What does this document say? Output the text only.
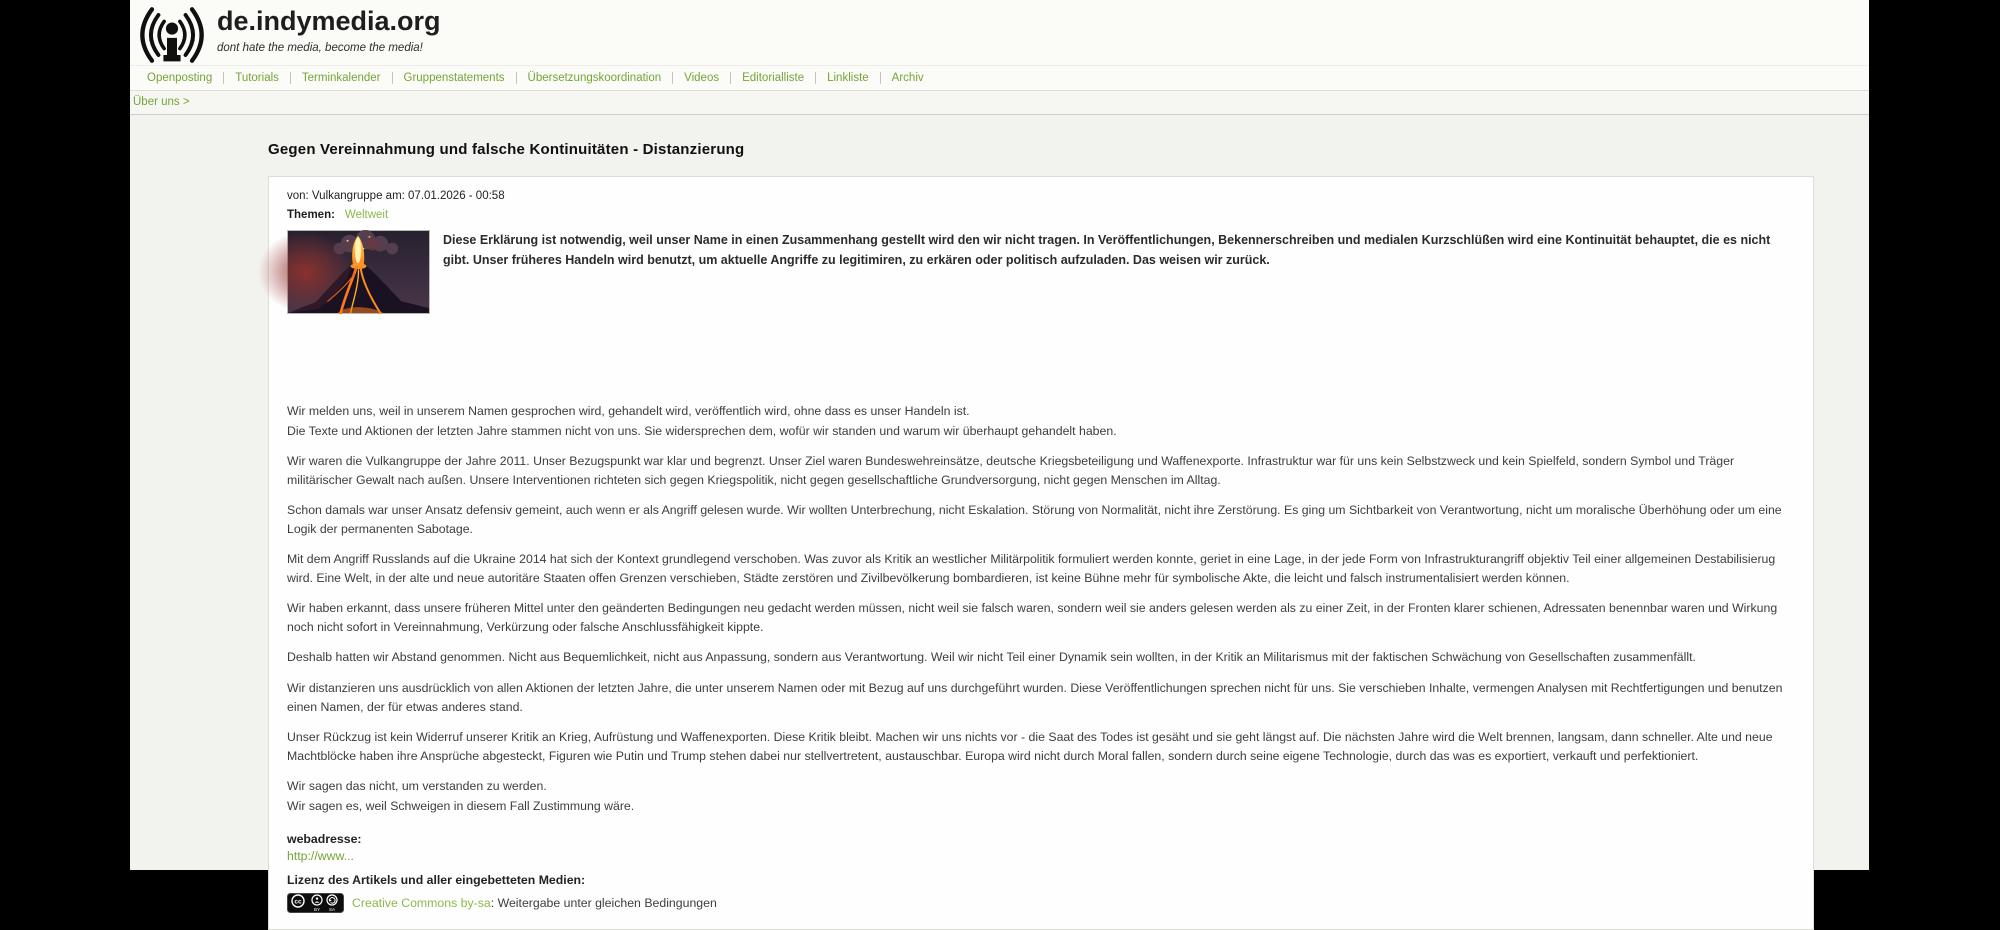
de.indymedia.org
dont hate the media, become the media!
Openposting	Tutorials	Terminkalender	Gruppenstatements	Übersetzungskoordination	Videos	Editorialliste	Linkliste	Archiv
Über uns >
Gegen Vereinnahmung und falsche Kontinuitäten - Distanzierung
von: Vulkangruppe am: 07.01.2026 - 00:58
Themen: Weltweit

Diese Erklärung ist notwendig, weil unser Name in einen Zusammenhang gestellt wird den wir nicht tragen. In Veröffentlichungen, Bekennerschreiben und medialen Kurzschlüßen wird eine Kontinuität behauptet, die es nicht gibt. Unser früheres Handeln wird benutzt, um aktuelle Angriffe zu legitimiren, zu erkären oder politisch aufzuladen. Das weisen wir zurück.

Wir melden uns, weil in unserem Namen gesprochen wird, gehandelt wird, veröffentlich wird, ohne dass es unser Handeln ist.

Die Texte und Aktionen der letzten Jahre stammen nicht von uns. Sie widersprechen dem, wofür wir standen und warum wir überhaupt gehandelt haben.

Wir waren die Vulkangruppe der Jahre 2011. Unser Bezugspunkt war klar und begrenzt. Unser Ziel waren Bundeswehreinsätze, deutsche Kriegsbeteiligung und Waffenexporte. Infrastruktur war für uns kein Selbstzweck und kein Spielfeld, sondern Symbol und Träger militärischer Gewalt nach außen. Unsere Interventionen richteten sich gegen Kriegspolitik, nicht gegen gesellschaftliche Grundversorgung, nicht gegen Menschen im Alltag.

Schon damals war unser Ansatz defensiv gemeint, auch wenn er als Angriff gelesen wurde. Wir wollten Unterbrechung, nicht Eskalation. Störung von Normalität, nicht ihre Zerstörung. Es ging um Sichtbarkeit von Verantwortung, nicht um moralische Überhöhung oder um eine Logik der permanenten Sabotage.

Mit dem Angriff Russlands auf die Ukraine 2014 hat sich der Kontext grundlegend verschoben. Was zuvor als Kritik an westlicher Militärpolitik formuliert werden konnte, geriet in eine Lage, in der jede Form von Infrastrukturangriff objektiv Teil einer allgemeinen Destabilisierug wird. Eine Welt, in der alte und neue autoritäre Staaten offen Grenzen verschieben, Städte zerstören und Zivilbevölkerung bombardieren, ist keine Bühne mehr für symbolische Akte, die leicht und falsch instrumentalisiert werden können.

Wir haben erkannt, dass unsere früheren Mittel unter den geänderten Bedingungen neu gedacht werden müssen, nicht weil sie falsch waren, sondern weil sie anders gelesen werden als zu einer Zeit, in der Fronten klarer schienen, Adressaten benennbar waren und Wirkung noch nicht sofort in Vereinnahmung, Verkürzung oder falsche Anschlussfähigkeit kippte.

Deshalb hatten wir Abstand genommen. Nicht aus Bequemlichkeit, nicht aus Anpassung, sondern aus Verantwortung. Weil wir nicht Teil einer Dynamik sein wollten, in der Kritik an Militarismus mit der faktischen Schwächung von Gesellschaften zusammenfällt.

Wir distanzieren uns ausdrücklich von allen Aktionen der letzten Jahre, die unter unserem Namen oder mit Bezug auf uns durchgeführt wurden. Diese Veröffentlichungen sprechen nicht für uns. Sie verschieben Inhalte, vermengen Analysen mit Rechtfertigungen und benutzen einen Namen, der für etwas anderes stand.

Unser Rückzug ist kein Widerruf unserer Kritik an Krieg, Aufrüstung und Waffenexporten. Diese Kritik bleibt. Machen wir uns nichts vor - die Saat des Todes ist gesäht und sie geht längst auf. Die nächsten Jahre wird die Welt brennen, langsam, dann schneller. Alte und neue Machtblöcke haben ihre Ansprüche abgesteckt, Figuren wie Putin und Trump stehen dabei nur stellvertretent, austauschbar. Europa wird nicht durch Moral fallen, sondern durch seine eigene Technologie, durch das was es exportiert, verkauft und perfektioniert.

Wir sagen das nicht, um verstanden zu werden.

Wir sagen es, weil Schweigen in diesem Fall Zustimmung wäre.

webadresse:

http://www...

Lizenz des Artikels und aller eingebetteten Medien:

cc
BY SA Creative Commons by-sa : Weitergabe unter gleichen Bedingungen
